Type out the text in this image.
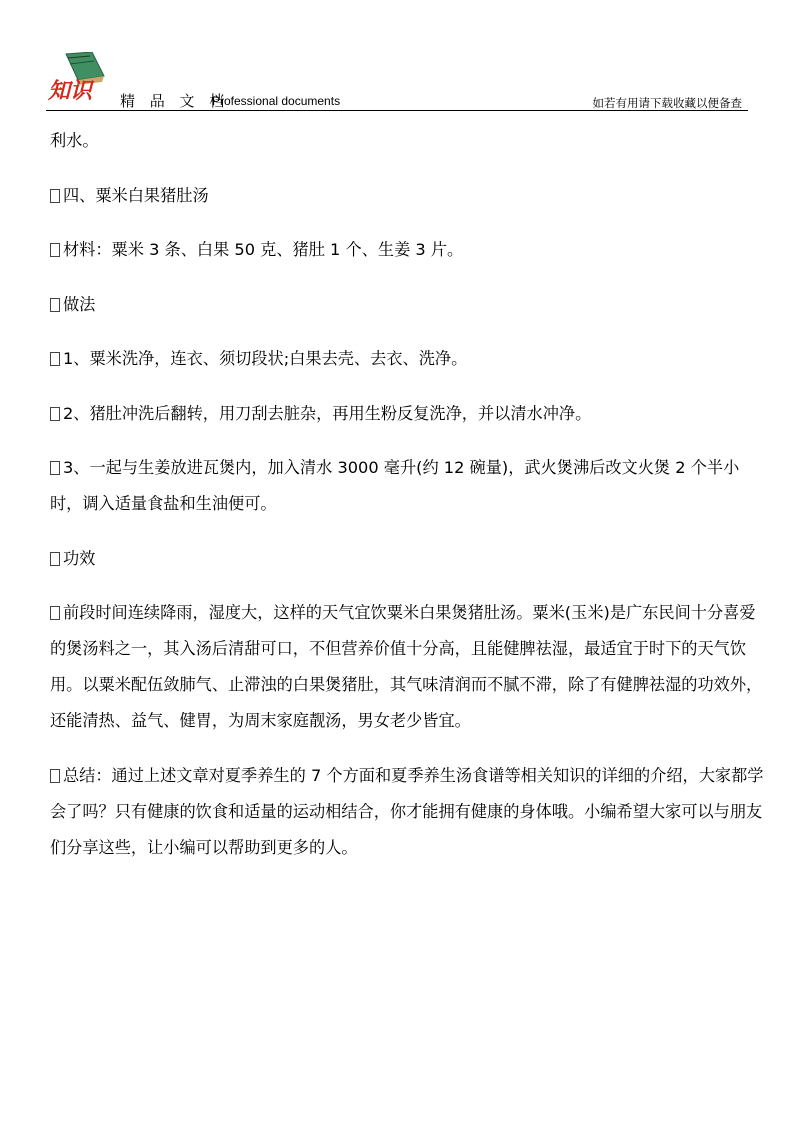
知识 精 品 文 档
Professional documents	如若有用请下载收藏以便备查

利水。

四、粟米白果猪肚汤

材料：粟米 3 条、白果 50 克、猪肚 1 个、生姜 3 片。

做法

1、粟米洗净，连衣、须切段状;白果去壳、去衣、洗净。

2、猪肚冲洗后翻转，用刀刮去脏杂，再用生粉反复洗净，并以清水冲净。

3、一起与生姜放进瓦煲内，加入清水 3000 毫升(约 12 碗量)，武火煲沸后改文火煲 2 个半小时，调入适量食盐和生油便可。

功效

前段时间连续降雨，湿度大，这样的天气宜饮粟米白果煲猪肚汤。粟米(玉米)是广东民间十分喜爱的煲汤料之一，其入汤后清甜可口，不但营养价值十分高，且能健脾祛湿，最适宜于时下的天气饮用。以粟米配伍敛肺气、止滞浊的白果煲猪肚，其气味清润而不腻不滞，除了有健脾祛湿的功效外，还能清热、益气、健胃，为周末家庭靓汤，男女老少皆宜。

总结：通过上述文章对夏季养生的 7 个方面和夏季养生汤食谱等相关知识的详细的介绍，大家都学会了吗？只有健康的饮食和适量的运动相结合，你才能拥有健康的身体哦。小编希望大家可以与朋友们分享这些，让小编可以帮助到更多的人。
